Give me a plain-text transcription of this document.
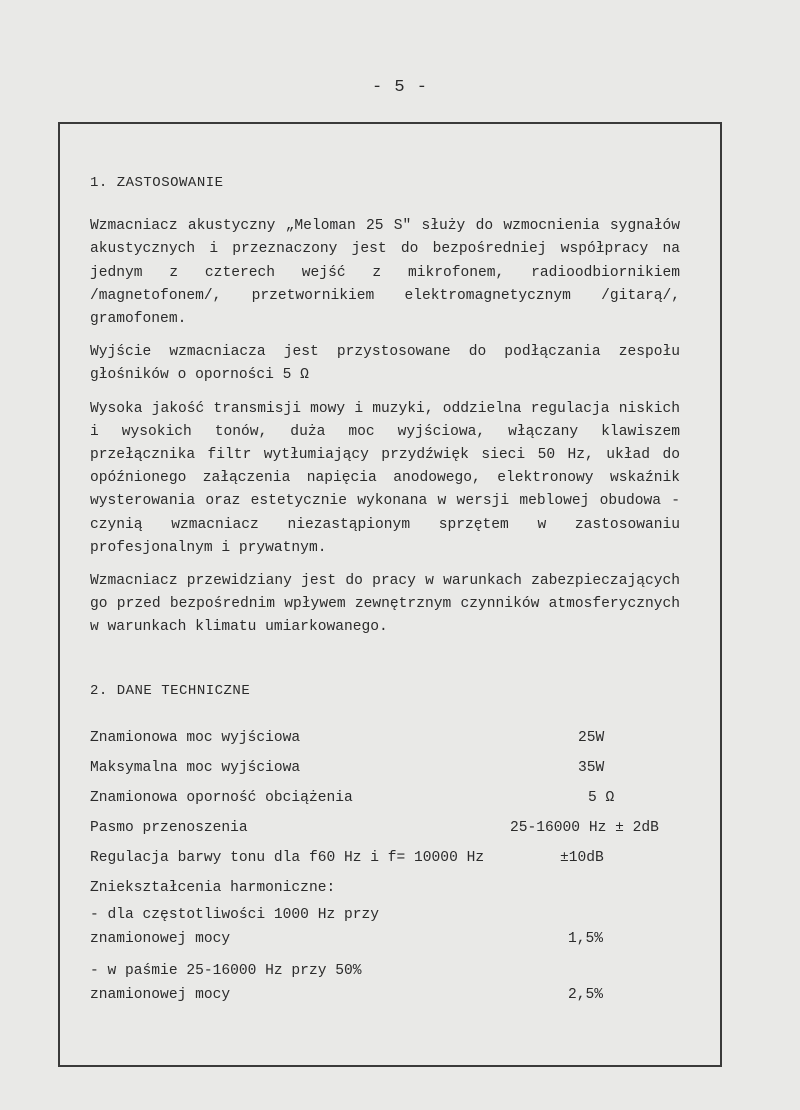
- 5 -
1. ZASTOSOWANIE

Wzmacniacz akustyczny „Meloman 25 S" służy do wzmocnienia sygnałów akustycznych i przeznaczony jest do bezpośredniej współpracy na jednym z czterech wejść z mikrofonem, radioodbiornikiem /magnetofonem/, przetwornikiem elektromagnetycznym /gitarą/, gramofonem.

Wyjście wzmacniacza jest przystosowane do podłączania zespołu głośników o oporności 5 Ω

Wysoka jakość transmisji mowy i muzyki, oddzielna regulacja niskich i wysokich tonów, duża moc wyjściowa, włączany klawiszem przełącznika filtr wytłumiający przydźwięk sieci 50 Hz, układ do opóźnionego załączenia napięcia anodowego, elektronowy wskaźnik wysterowania oraz estetycznie wykonana w wersji meblowej obudowa - czynią wzmacniacz niezastąpionym sprzętem w zastosowaniu profesjonalnym i prywatnym.

Wzmacniacz przewidziany jest do pracy w warunkach zabezpieczających go przed bezpośrednim wpływem zewnętrznym czynników atmosferycznych w warunkach klimatu umiarkowanego.

2. DANE TECHNICZNE
Znamionowa moc wyjściowa	25W
Maksymalna moc wyjściowa	35W
Znamionowa oporność obciążenia	5 Ω
Pasmo przenoszenia	25-16000 Hz ± 2dB
Regulacja barwy tonu dla f60 Hz i f= 10000 Hz	±10dB
Zniekształcenia harmoniczne:
- dla częstotliwości 1000 Hz przy znamionowej mocy	1,5%
- w paśmie 25-16000 Hz przy 50% znamionowej mocy	2,5%
